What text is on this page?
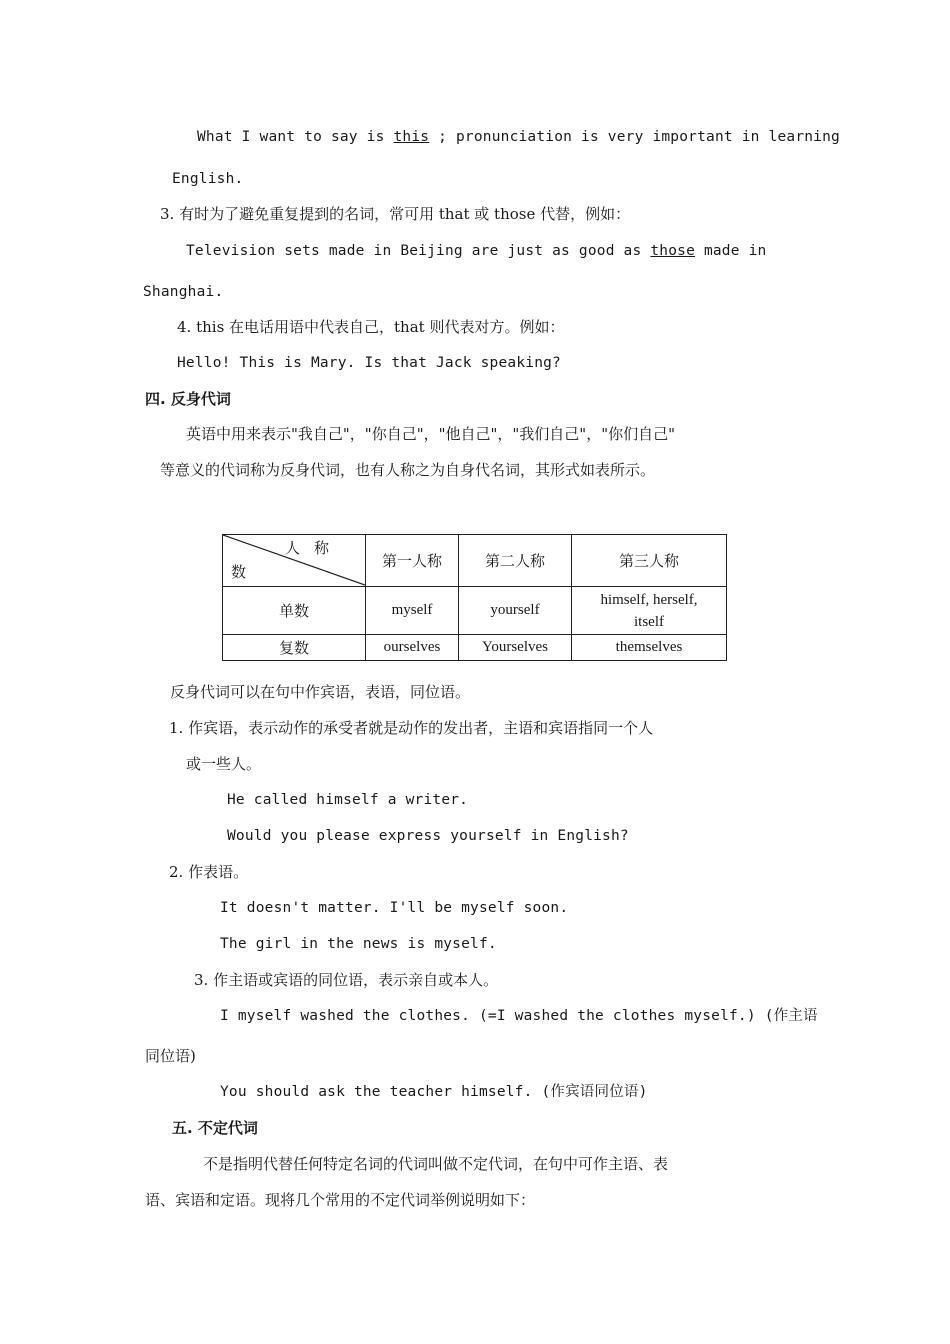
What I want to say is this ; pronunciation is very important in learning
English.
3. 有时为了避免重复提到的名词，常可用 that 或 those 代替，例如：
Television sets made in Beijing are just as good as those made in
Shanghai.
4. this 在电话用语中代表自己，that 则代表对方。例如：
Hello! This is Mary. Is that Jack speaking?
四. 反身代词
英语中用来表示"我自己"，"你自己"，"他自己"，"我们自己"，"你们自己"
等意义的代词称为反身代词，也有人称之为自身代名词，其形式如表所示。
人称
数	第一人称	第二人称	第三人称
单数	myself	yourself	himself, herself, itself
复数	ourselves	Yourselves	themselves
反身代词可以在句中作宾语，表语，同位语。
1. 作宾语，表示动作的承受者就是动作的发出者，主语和宾语指同一个人
或一些人。
He called himself a writer.
Would you please express yourself in English?
2. 作表语。
It doesn't matter. I'll be myself soon.
The girl in the news is myself.
3. 作主语或宾语的同位语，表示亲自或本人。
I myself washed the clothes. (=I washed the clothes myself.) (作主语
同位语)
You should ask the teacher himself. (作宾语同位语)
五. 不定代词
不是指明代替任何特定名词的代词叫做不定代词，在句中可作主语、表
语、宾语和定语。现将几个常用的不定代词举例说明如下：
